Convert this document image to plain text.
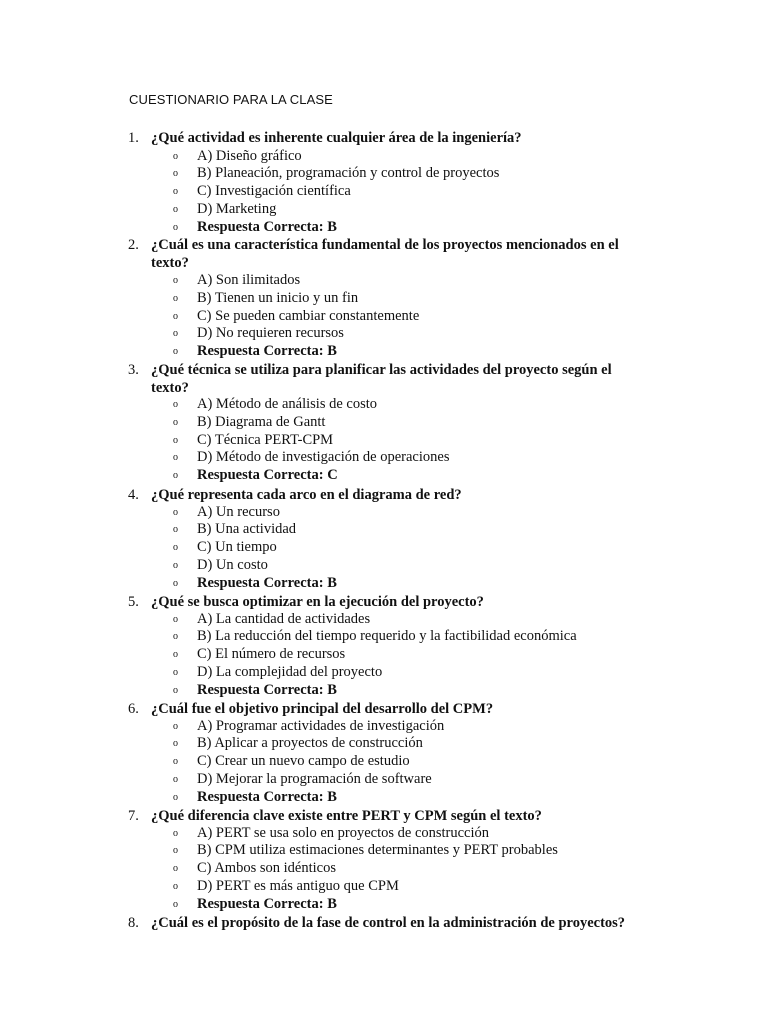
CUESTIONARIO PARA LA CLASE
1. ¿Qué actividad es inherente cualquier área de la ingeniería?
o A) Diseño gráfico
o B) Planeación, programación y control de proyectos
o C) Investigación científica
o D) Marketing
o Respuesta Correcta: B
2. ¿Cuál es una característica fundamental de los proyectos mencionados en el
texto?
o A) Son ilimitados
o B) Tienen un inicio y un fin
o C) Se pueden cambiar constantemente
o D) No requieren recursos
o Respuesta Correcta: B
3. ¿Qué técnica se utiliza para planificar las actividades del proyecto según el
texto?
o A) Método de análisis de costo
o B) Diagrama de Gantt
o C) Técnica PERT-CPM
o D) Método de investigación de operaciones
o Respuesta Correcta: C
4. ¿Qué representa cada arco en el diagrama de red?
o A) Un recurso
o B) Una actividad
o C) Un tiempo
o D) Un costo
o Respuesta Correcta: B
5. ¿Qué se busca optimizar en la ejecución del proyecto?
o A) La cantidad de actividades
o B) La reducción del tiempo requerido y la factibilidad económica
o C) El número de recursos
o D) La complejidad del proyecto
o Respuesta Correcta: B
6. ¿Cuál fue el objetivo principal del desarrollo del CPM?
o A) Programar actividades de investigación
o B) Aplicar a proyectos de construcción
o C) Crear un nuevo campo de estudio
o D) Mejorar la programación de software
o Respuesta Correcta: B
7. ¿Qué diferencia clave existe entre PERT y CPM según el texto?
o A) PERT se usa solo en proyectos de construcción
o B) CPM utiliza estimaciones determinantes y PERT probables
o C) Ambos son idénticos
o D) PERT es más antiguo que CPM
o Respuesta Correcta: B
8. ¿Cuál es el propósito de la fase de control en la administración de proyectos?
